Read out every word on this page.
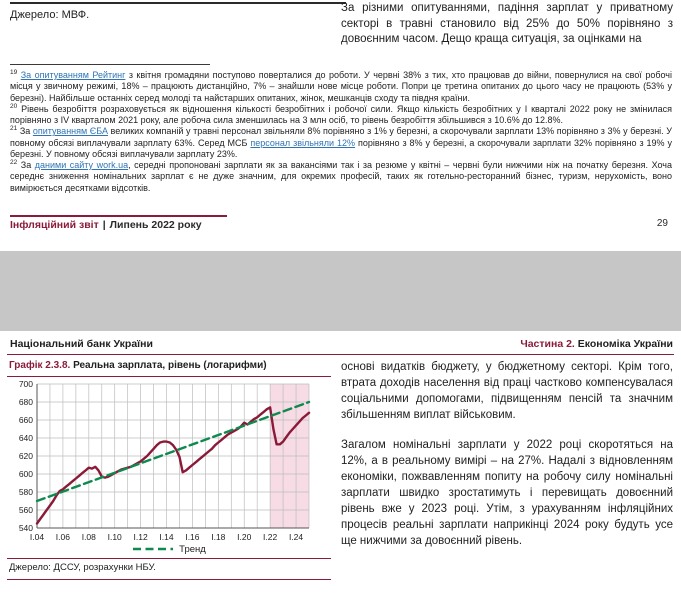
Джерело: МВФ.
За різними опитуваннями, падіння зарплат у приватному секторі в травні становило від 25% до 50% порівняно з довоєнним часом. Дещо краща ситуація, за оцінками на
$^{19}$ За опитуванням Рейтинг з квітня громадяни поступово поверталися до роботи. У червні 38% з тих, хто працював до війни, повернулися на свої робочі місця у звичному режимі, 18% – працюють дистанційно, 7% – знайшли нове місце роботи. Попри це третина опитаних до цього часу не працюють (53% у березні). Найбільше останніх серед молоді та найстарших опитаних, жінок, мешканців сходу та півдня країни.
$^{20}$ Рівень безробіття розраховується як відношення кількості безробітних і робочої сили. Якщо кількість безробітних у І кварталі 2022 року не змінилася порівняно з IV кварталом 2021 року, але робоча сила зменшилась на 3 млн осіб, то рівень безробіття збільшився з 10.6% до 12.8%.
$^{21}$ За опитуванням ЄБА великих компаній у травні персонал звільняли 8% порівняно з 1% у березні, а скорочували зарплати 13% порівняно з 3% у березні. У повному обсязі виплачували зарплату 63%. Серед МСБ персонал звільняли 12% порівняно з 8% у березні, а скорочували зарплати 32% порівняно з 19% у березні. У повному обсязі виплачували зарплату 23%.
$^{22}$ За даними сайту work.ua, середні пропоновані зарплати як за вакансіями так і за резюме у квітні – червні були нижчими ніж на початку березня. Хоча середнє зниження номінальних зарплат є не дуже значним, для окремих професій, таких як готельно-ресторанний бізнес, туризм, нерухомість, воно вимірюється десятками відсотків.
Інфляційний звіт | Липень 2022 року	29
Національний банк України	Частина 2. Економіка України
Графік 2.3.8. Реальна зарплата, рівень (логарифми)
І.04 І.06 І.08 І.10 І.12 І.14 І.16 І.18 І.20 І.22 І.24
540
560
580
600
620
640
660
680
700
Тренд
Джерело: ДССУ, розрахунки НБУ.

основі видатків бюджету, у бюджетному секторі. Крім того, втрата доходів населення від праці частково компенсувалася соціальними допомогами, підвищенням пенсій та значним збільшенням виплат військовим.

Загалом номінальні зарплати у 2022 році скоротяться на 12%, а в реальному вимірі – на 27%. Надалі з відновленням економіки, пожвавленням попиту на робочу силу номінальні зарплати швидко зростатимуть і перевищать довоєнний рівень вже у 2023 році. Утім, з урахуванням інфляційних процесів реальні зарплати наприкінці 2024 року будуть усе ще нижчими за довоєнний рівень.
